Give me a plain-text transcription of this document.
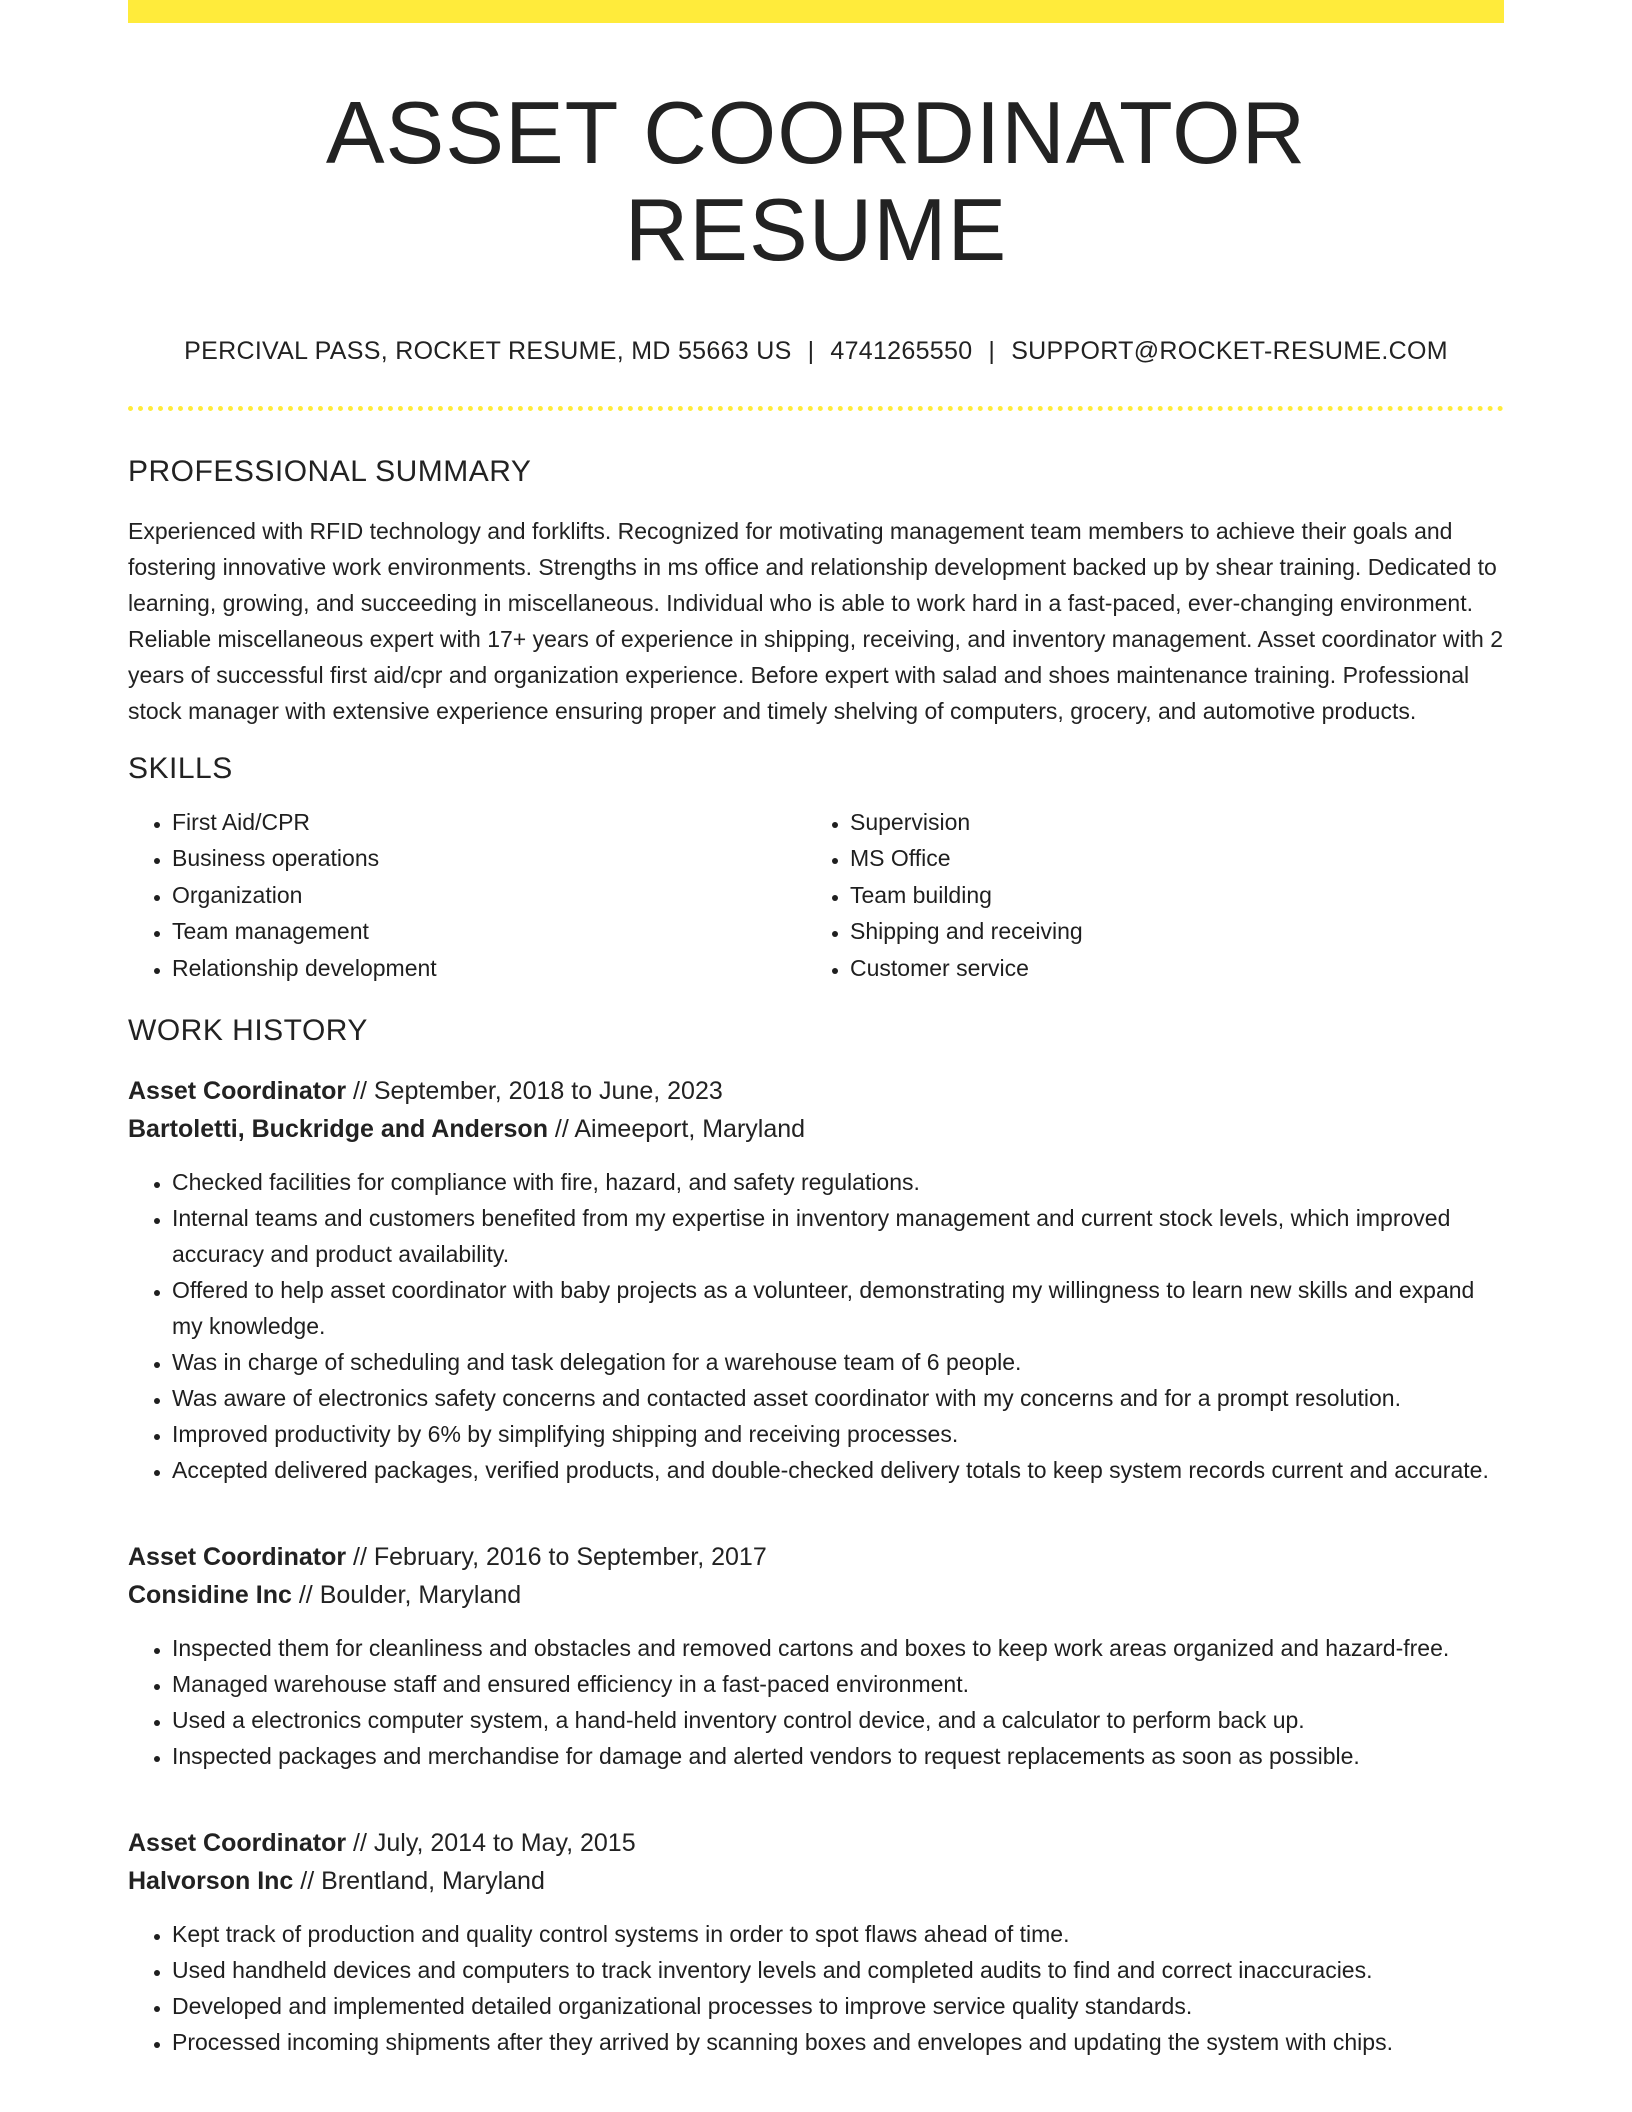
ASSET COORDINATOR RESUME
PERCIVAL PASS, ROCKET RESUME, MD 55663 US | 4741265550 | SUPPORT@ROCKET-RESUME.COM
PROFESSIONAL SUMMARY

Experienced with RFID technology and forklifts. Recognized for motivating management team members to achieve their goals and fostering innovative work environments. Strengths in ms office and relationship development backed up by shear training. Dedicated to learning, growing, and succeeding in miscellaneous. Individual who is able to work hard in a fast-paced, ever-changing environment. Reliable miscellaneous expert with 17+ years of experience in shipping, receiving, and inventory management. Asset coordinator with 2 years of successful first aid/cpr and organization experience. Before expert with salad and shoes maintenance training. Professional stock manager with extensive experience ensuring proper and timely shelving of computers, grocery, and automotive products.

SKILLS
• First Aid/CPR
• Business operations
• Organization
• Team management
• Relationship development
• Supervision
• MS Office
• Team building
• Shipping and receiving
• Customer service
WORK HISTORY
Asset Coordinator // September, 2018 to June, 2023
Bartoletti, Buckridge and Anderson // Aimeeport, Maryland
• Checked facilities for compliance with fire, hazard, and safety regulations.
• Internal teams and customers benefited from my expertise in inventory management and current stock levels, which improved accuracy and product availability.
• Offered to help asset coordinator with baby projects as a volunteer, demonstrating my willingness to learn new skills and expand my knowledge.
• Was in charge of scheduling and task delegation for a warehouse team of 6 people.
• Was aware of electronics safety concerns and contacted asset coordinator with my concerns and for a prompt resolution.
• Improved productivity by 6% by simplifying shipping and receiving processes.
• Accepted delivered packages, verified products, and double-checked delivery totals to keep system records current and accurate.
Asset Coordinator // February, 2016 to September, 2017
Considine Inc // Boulder, Maryland
• Inspected them for cleanliness and obstacles and removed cartons and boxes to keep work areas organized and hazard-free.
• Managed warehouse staff and ensured efficiency in a fast-paced environment.
• Used a electronics computer system, a hand-held inventory control device, and a calculator to perform back up.
• Inspected packages and merchandise for damage and alerted vendors to request replacements as soon as possible.
Asset Coordinator // July, 2014 to May, 2015
Halvorson Inc // Brentland, Maryland
• Kept track of production and quality control systems in order to spot flaws ahead of time.
• Used handheld devices and computers to track inventory levels and completed audits to find and correct inaccuracies.
• Developed and implemented detailed organizational processes to improve service quality standards.
• Processed incoming shipments after they arrived by scanning boxes and envelopes and updating the system with chips.
